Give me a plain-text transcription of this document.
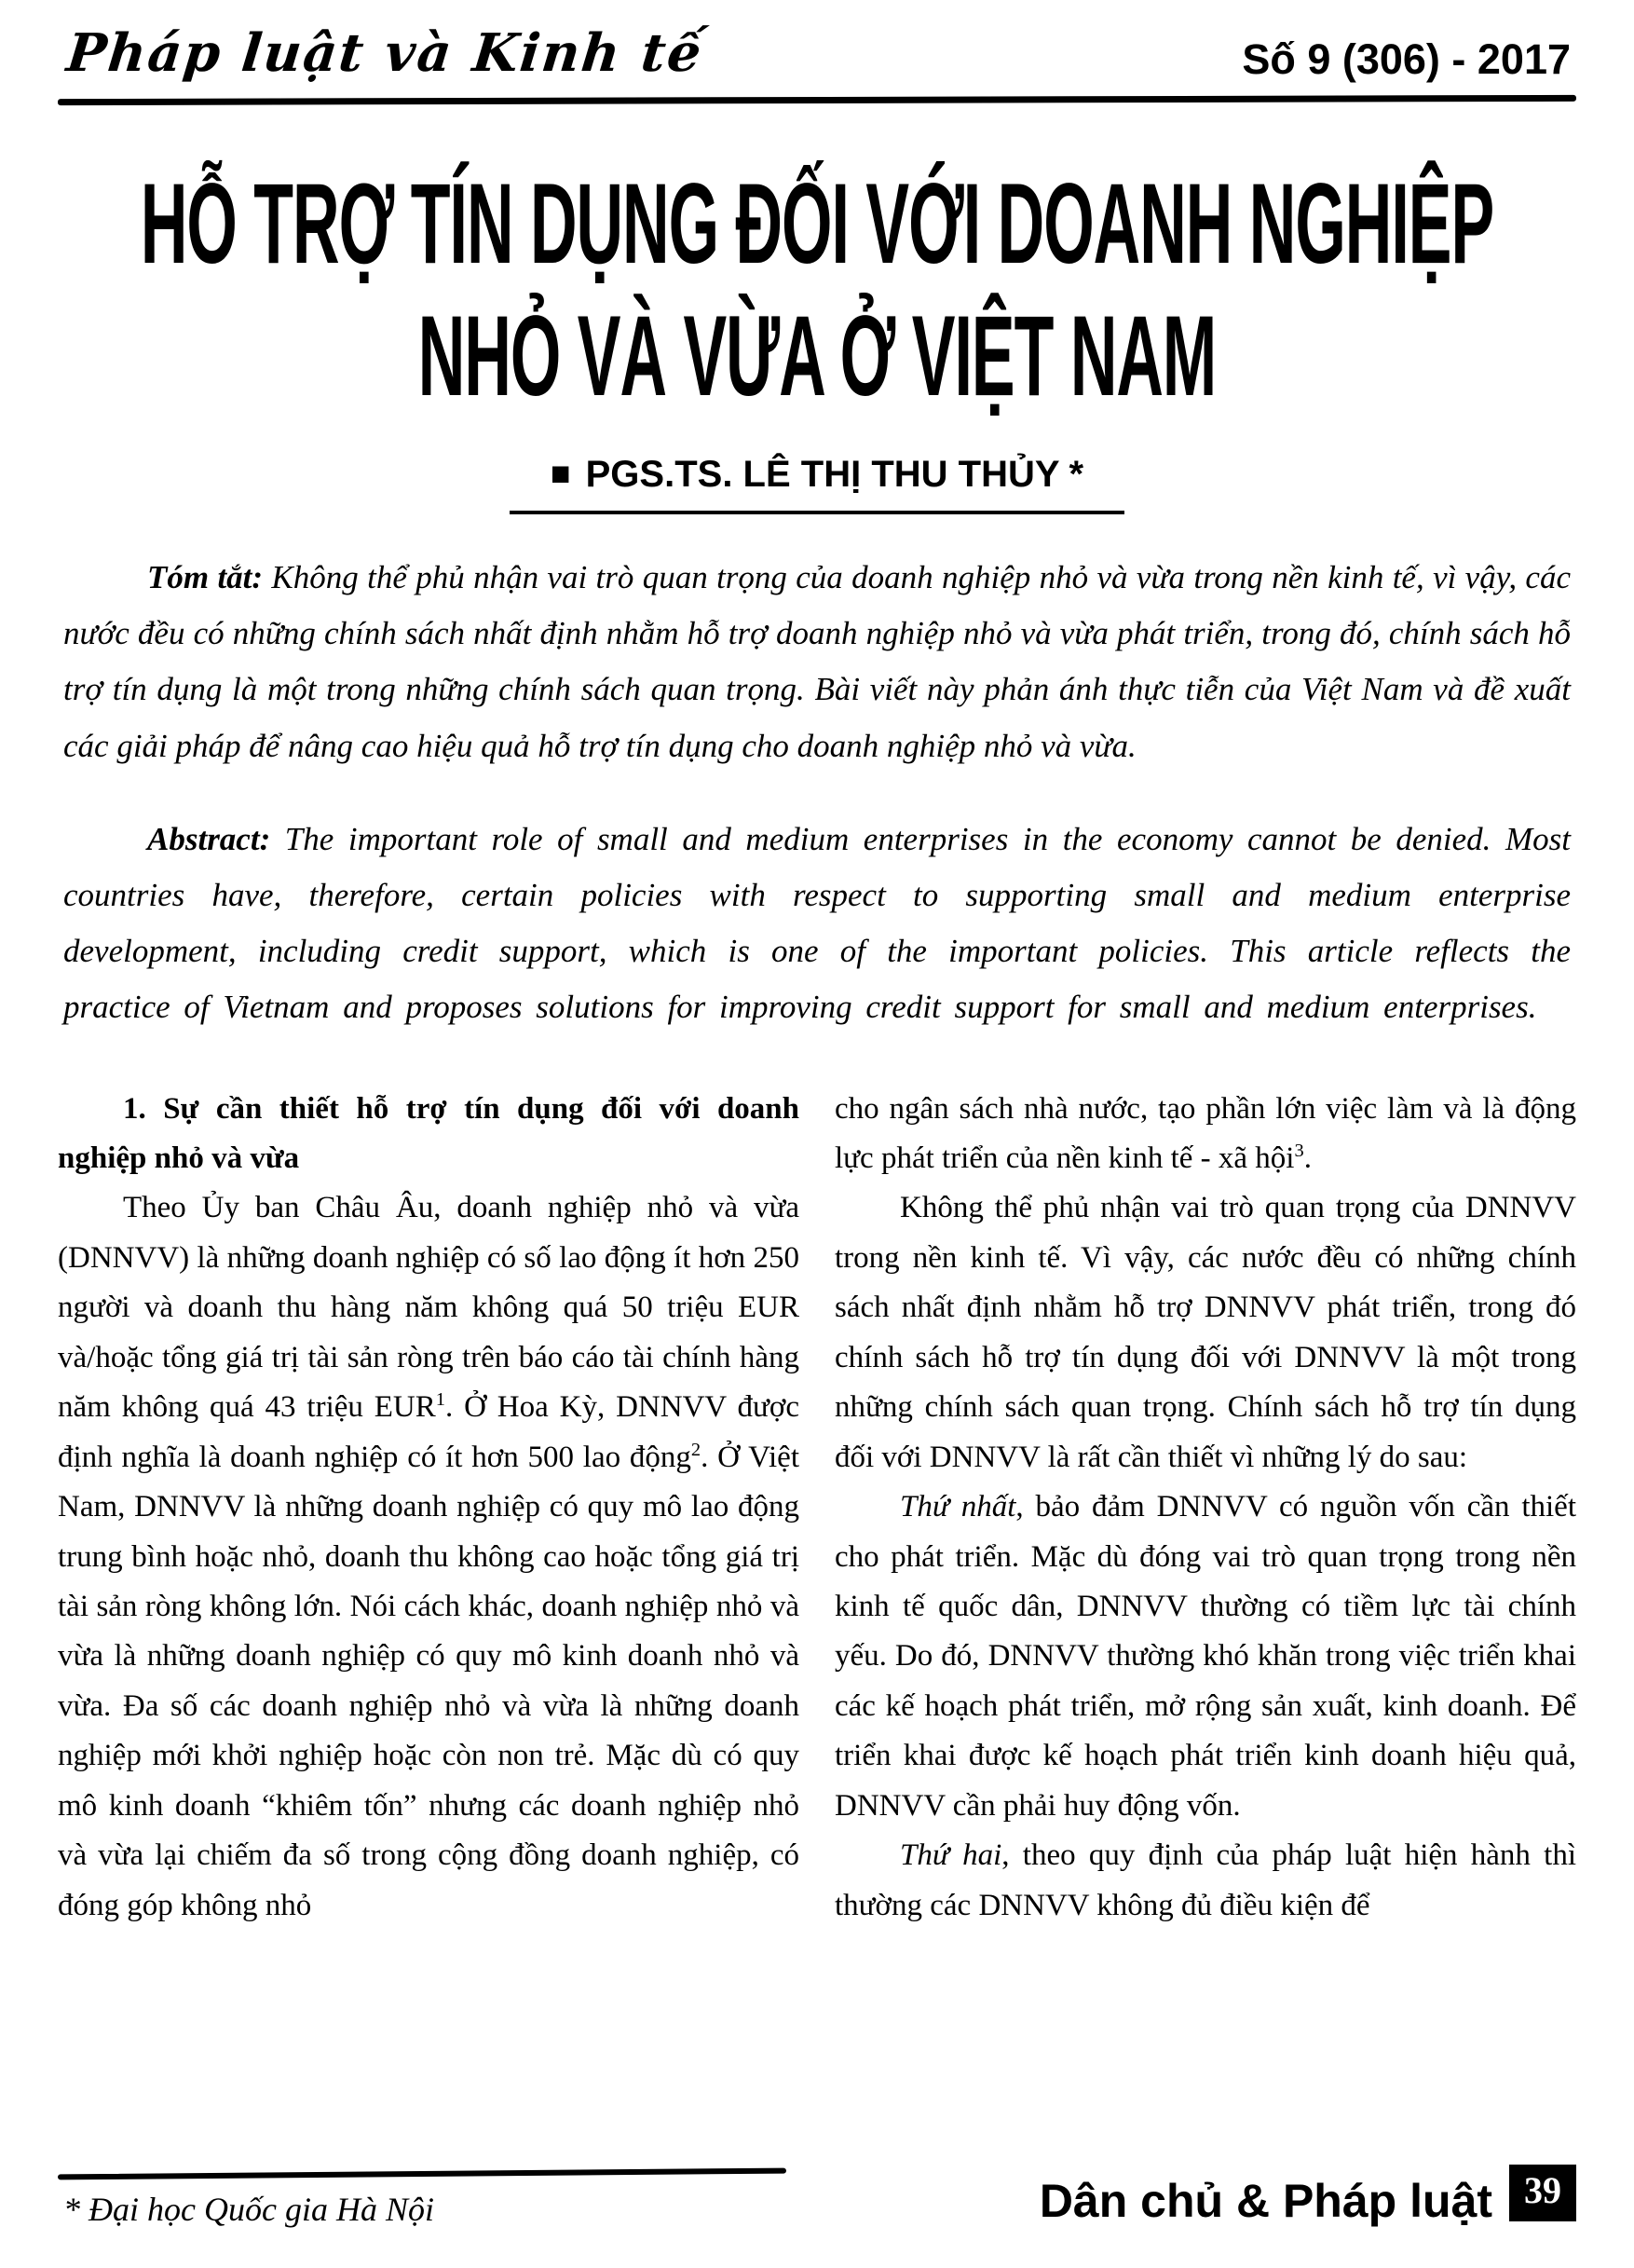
Pháp luật và Kinh tế	Số 9 (306) - 2017
HỖ TRỢ TÍN DỤNG ĐỐI VỚI DOANH NGHIỆP
NHỎ VÀ VỪA Ở VIỆT NAM
■ PGS.TS. LÊ THỊ THU THỦY *

Tóm tắt: Không thể phủ nhận vai trò quan trọng của doanh nghiệp nhỏ và vừa trong nền kinh tế, vì vậy, các nước đều có những chính sách nhất định nhằm hỗ trợ doanh nghiệp nhỏ và vừa phát triển, trong đó, chính sách hỗ trợ tín dụng là một trong những chính sách quan trọng. Bài viết này phản ánh thực tiễn của Việt Nam và đề xuất các giải pháp để nâng cao hiệu quả hỗ trợ tín dụng cho doanh nghiệp nhỏ và vừa.

Abstract: The important role of small and medium enterprises in the economy cannot be denied. Most countries have, therefore, certain policies with respect to supporting small and medium enterprise development, including credit support, which is one of the important policies. This article reflects the practice of Vietnam and proposes solutions for improving credit support for small and medium enterprises.

1. Sự cần thiết hỗ trợ tín dụng đối với doanh nghiệp nhỏ và vừa

Theo Ủy ban Châu Âu, doanh nghiệp nhỏ và vừa (DNNVV) là những doanh nghiệp có số lao động ít hơn 250 người và doanh thu hàng năm không quá 50 triệu EUR và/hoặc tổng giá trị tài sản ròng trên báo cáo tài chính hàng năm không quá 43 triệu EUR$^1$. Ở Hoa Kỳ, DNNVV được định nghĩa là doanh nghiệp có ít hơn 500 lao động$^2$. Ở Việt Nam, DNNVV là những doanh nghiệp có quy mô lao động trung bình hoặc nhỏ, doanh thu không cao hoặc tổng giá trị tài sản ròng không lớn. Nói cách khác, doanh nghiệp nhỏ và vừa là những doanh nghiệp có quy mô kinh doanh nhỏ và vừa. Đa số các doanh nghiệp nhỏ và vừa là những doanh nghiệp mới khởi nghiệp hoặc còn non trẻ. Mặc dù có quy mô kinh doanh “khiêm tốn” nhưng các doanh nghiệp nhỏ và vừa lại chiếm đa số trong cộng đồng doanh nghiệp, có đóng góp không nhỏ

cho ngân sách nhà nước, tạo phần lớn việc làm và là động lực phát triển của nền kinh tế - xã hội$^3$.

Không thể phủ nhận vai trò quan trọng của DNNVV trong nền kinh tế. Vì vậy, các nước đều có những chính sách nhất định nhằm hỗ trợ DNNVV phát triển, trong đó chính sách hỗ trợ tín dụng đối với DNNVV là một trong những chính sách quan trọng. Chính sách hỗ trợ tín dụng đối với DNNVV là rất cần thiết vì những lý do sau:

Thứ nhất, bảo đảm DNNVV có nguồn vốn cần thiết cho phát triển. Mặc dù đóng vai trò quan trọng trong nền kinh tế quốc dân, DNNVV thường có tiềm lực tài chính yếu. Do đó, DNNVV thường khó khăn trong việc triển khai các kế hoạch phát triển, mở rộng sản xuất, kinh doanh. Để triển khai được kế hoạch phát triển kinh doanh hiệu quả, DNNVV cần phải huy động vốn.

Thứ hai, theo quy định của pháp luật hiện hành thì thường các DNNVV không đủ điều kiện để

* Đại học Quốc gia Hà Nội	Dân chủ & Pháp luật 39
